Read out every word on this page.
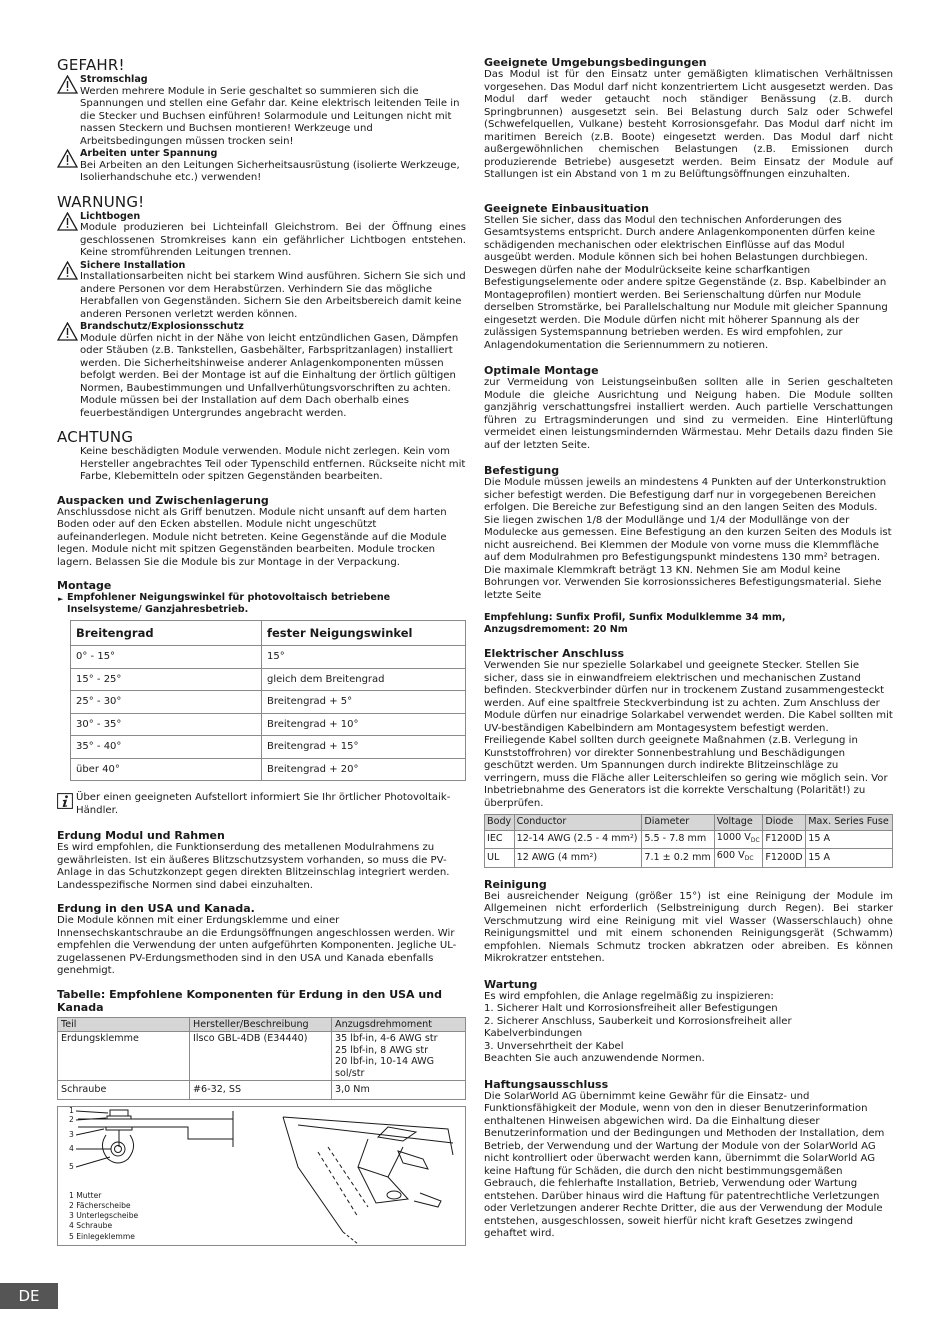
GEFAHR!
Stromschlag

Werden mehrere Module in Serie geschaltet so summieren sich die Spannungen und stellen eine Gefahr dar. Keine elektrisch leitenden Teile in die Stecker und Buchsen einführen! Solarmodule und Leitungen nicht mit nassen Steckern und Buchsen montieren! Werkzeuge und Arbeitsbedingungen müssen trocken sein!

Arbeiten unter Spannung

Bei Arbeiten an den Leitungen Sicherheitsausrüstung (isolierte Werkzeuge, Isolierhandschuhe etc.) verwenden!

WARNUNG!
Lichtbogen

Module produzieren bei Lichteinfall Gleichstrom. Bei der Öffnung eines geschlossenen Stromkreises kann ein gefährlicher Lichtbogen entstehen. Keine stromführenden Leitungen trennen.

Sichere Installation

Installationsarbeiten nicht bei starkem Wind ausführen. Sichern Sie sich und andere Personen vor dem Herabstürzen. Verhindern Sie das mögliche Herabfallen von Gegenständen. Sichern Sie den Arbeitsbereich damit keine anderen Personen verletzt werden können.

Brandschutz/Explosionsschutz

Module dürfen nicht in der Nähe von leicht entzündlichen Gasen, Dämpfen oder Stäuben (z.B. Tankstellen, Gasbehälter, Farbspritzanlagen) installiert werden. Die Sicherheitshinweise anderer Anlagenkomponenten müssen befolgt werden. Bei der Montage ist auf die Einhaltung der örtlich gültigen Normen, Baubestimmungen und Unfallverhütungsvorschriften zu achten. Module müssen bei der Installation auf dem Dach oberhalb eines feuerbeständigen Untergrundes angebracht werden.

ACHTUNG

Keine beschädigten Module verwenden. Module nicht zerlegen. Kein vom Hersteller angebrachtes Teil oder Typenschild entfernen. Rückseite nicht mit Farbe, Klebemitteln oder spitzen Gegenständen bearbeiten.

Auspacken und Zwischenlagerung

Anschlussdose nicht als Griff benutzen. Module nicht unsanft auf dem harten Boden oder auf den Ecken abstellen. Module nicht ungeschützt aufeinanderlegen. Module nicht betreten. Keine Gegenstände auf die Module legen. Module nicht mit spitzen Gegenständen bearbeiten. Module trocken lagern. Belassen Sie die Module bis zur Montage in der Verpackung.

Montage
► Empfohlener Neigungswinkel für photovoltaisch betriebene Inselsysteme/ Ganzjahresbetrieb.
Breitengrad	fester Neigungswinkel
0° - 15°	15°
15° - 25°	gleich dem Breitengrad
25° - 30°	Breitengrad + 5°
30° - 35°	Breitengrad + 10°
35° - 40°	Breitengrad + 15°
über 40°	Breitengrad + 20°

Über einen geeigneten Aufstellort informiert Sie Ihr örtlicher Photovoltaik-Händler.

Erdung Modul und Rahmen

Es wird empfohlen, die Funktionserdung des metallenen Modulrahmens zu gewährleisten. Ist ein äußeres Blitzschutzsystem vorhanden, so muss die PV-Anlage in das Schutzkonzept gegen direkten Blitzeinschlag integriert werden. Landesspezifische Normen sind dabei einzuhalten.

Erdung in den USA und Kanada.

Die Module können mit einer Erdungsklemme und einer Innensechskantschraube an die Erdungsöffnungen angeschlossen werden. Wir empfehlen die Verwendung der unten aufgeführten Komponenten. Jegliche UL-zugelassenen PV-Erdungsmethoden sind in den USA und Kanada ebenfalls genehmigt.

Tabelle: Empfohlene Komponenten für Erdung in den USA und Kanada
Teil	Hersteller/Beschreibung	Anzugsdrehmoment
Erdungsklemme	Ilsco GBL-4DB (E34440)	35 lbf-in, 4-6 AWG str
25 lbf-in, 8 AWG str
20 lbf-in, 10-14 AWG sol/str

Schraube	#6-32, SS	3,0 Nm
1
2
3
4
5
1 Mutter
2 Fächerscheibe
3 Unterlegscheibe
4 Schraube
5 Einlegeklemme
Geeignete Umgebungsbedingungen

Das Modul ist für den Einsatz unter gemäßigten klimatischen Verhältnissen vorgesehen. Das Modul darf nicht konzentriertem Licht ausgesetzt werden. Das Modul darf weder getaucht noch ständiger Benässung (z.B. durch Springbrunnen) ausgesetzt sein. Bei Belastung durch Salz oder Schwefel (Schwefelquellen, Vulkane) besteht Korrosionsgefahr. Das Modul darf nicht im maritimen Bereich (z.B. Boote) eingesetzt werden. Das Modul darf nicht außergewöhnlichen chemischen Belastungen (z.B. Emissionen durch produzierende Betriebe) ausgesetzt werden. Beim Einsatz der Module auf Stallungen ist ein Abstand von 1 m zu Belüftungsöffnungen einzuhalten.

Geeignete Einbausituation

Stellen Sie sicher, dass das Modul den technischen Anforderungen des Gesamtsystems entspricht. Durch andere Anlagenkomponenten dürfen keine schädigenden mechanischen oder elektrischen Einflüsse auf das Modul ausgeübt werden. Module können sich bei hohen Belastungen durchbiegen. Deswegen dürfen nahe der Modulrückseite keine scharfkantigen Befestigungselemente oder andere spitze Gegenstände (z. Bsp. Kabelbinder an Montageprofilen) montiert werden. Bei Serienschaltung dürfen nur Module derselben Stromstärke, bei Parallelschaltung nur Module mit gleicher Spannung eingesetzt werden. Die Module dürfen nicht mit höherer Spannung als der zulässigen Systemspannung betrieben werden. Es wird empfohlen, zur Anlagendokumentation die Seriennummern zu notieren.

Optimale Montage

zur Vermeidung von Leistungseinbußen sollten alle in Serien geschalteten Module die gleiche Ausrichtung und Neigung haben. Die Module sollten ganzjährig verschattungsfrei installiert werden. Auch partielle Verschattungen führen zu Ertragsminderungen und sind zu vermeiden. Eine Hinterlüftung vermeidet einen leistungsmindernden Wärmestau. Mehr Details dazu finden Sie auf der letzten Seite.

Befestigung

Die Module müssen jeweils an mindestens 4 Punkten auf der Unterkonstruktion sicher befestigt werden. Die Befestigung darf nur in vorgegebenen Bereichen erfolgen. Die Bereiche zur Befestigung sind an den langen Seiten des Moduls. Sie liegen zwischen 1/8 der Modullänge und 1/4 der Modullänge von der Modulecke aus gemessen. Eine Befestigung an den kurzen Seiten des Moduls ist nicht ausreichend. Bei Klemmen der Module von vorne muss die Klemmfläche auf dem Modulrahmen pro Befestigungspunkt mindestens 130 mm² betragen. Die maximale Klemmkraft beträgt 13 KN. Nehmen Sie am Modul keine Bohrungen vor. Verwenden Sie korrosionssicheres Befestigungsmaterial. Siehe letzte Seite

Empfehlung: Sunfix Profil, Sunfix Modulklemme 34 mm, Anzugsdremoment: 20 Nm

Elektrischer Anschluss

Verwenden Sie nur spezielle Solarkabel und geeignete Stecker. Stellen Sie sicher, dass sie in einwandfreiem elektrischen und mechanischen Zustand befinden. Steckverbinder dürfen nur in trockenem Zustand zusammengesteckt werden. Auf eine spaltfreie Steckverbindung ist zu achten. Zum Anschluss der Module dürfen nur einadrige Solarkabel verwendet werden. Die Kabel sollten mit UV-beständigen Kabelbindern am Montagesystem befestigt werden. Freiliegende Kabel sollten durch geeignete Maßnahmen (z.B. Verlegung in Kunststoffrohren) vor direkter Sonnenbestrahlung und Beschädigungen geschützt werden. Um Spannungen durch indirekte Blitzeinschläge zu verringern, muss die Fläche aller Leiterschleifen so gering wie möglich sein. Vor Inbetriebnahme des Generators ist die korrekte Verschaltung (Polarität!) zu überprüfen.

Body	Conductor	Diameter	Voltage	Diode	Max. Series Fuse
IEC	12-14 AWG (2.5 - 4 mm²)	5.5 - 7.8 mm	1000 $V_{DC}$	F1200D	15 A
UL	12 AWG (4 mm²)	7.1 ± 0.2 mm	600 $V_{DC}$	F1200D	15 A
Reinigung

Bei ausreichender Neigung (größer 15°) ist eine Reinigung der Module im Allgemeinen nicht erforderlich (Selbstreinigung durch Regen). Bei starker Verschmutzung wird eine Reinigung mit viel Wasser (Wasserschlauch) ohne Reinigungsmittel und mit einem schonenden Reinigungsgerät (Schwamm) empfohlen. Niemals Schmutz trocken abkratzen oder abreiben. Es können Mikrokratzer entstehen.

Wartung
Es wird empfohlen, die Anlage regelmäßig zu inspizieren:
1. Sicherer Halt und Korrosionsfreiheit aller Befestigungen
2. Sicherer Anschluss, Sauberkeit und Korrosionsfreiheit aller Kabelverbindungen
3. Unversehrtheit der Kabel
Beachten Sie auch anzuwendende Normen.
Haftungsausschluss

Die SolarWorld AG übernimmt keine Gewähr für die Einsatz- und Funktionsfähigkeit der Module, wenn von den in dieser Benutzerinformation enthaltenen Hinweisen abgewichen wird. Da die Einhaltung dieser Benutzerinformation und der Bedingungen und Methoden der Installation, dem Betrieb, der Verwendung und der Wartung der Module von der SolarWorld AG nicht kontrolliert oder überwacht werden kann, übernimmt die SolarWorld AG keine Haftung für Schäden, die durch den nicht bestimmungsgemäßen Gebrauch, die fehlerhafte Installation, Betrieb, Verwendung oder Wartung entstehen. Darüber hinaus wird die Haftung für patentrechtliche Verletzungen oder Verletzungen anderer Rechte Dritter, die aus der Verwendung der Module entstehen, ausgeschlossen, soweit hierfür nicht kraft Gesetzes zwingend gehaftet wird.

DE
